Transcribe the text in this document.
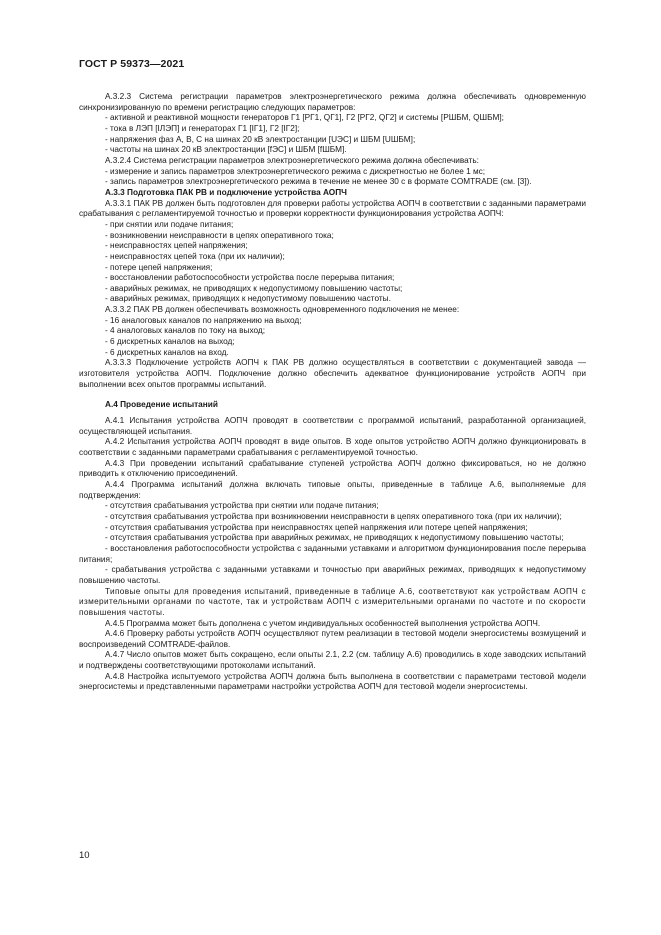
ГОСТ Р 59373—2021

А.3.2.3 Система регистрации параметров электроэнергетического режима должна обеспечивать одновременную синхронизированную по времени регистрацию следующих параметров:

- активной и реактивной мощности генераторов Г1 [PГ1, QГ1], Г2 [PГ2, QГ2] и системы [PШБМ, QШБМ];

- тока в ЛЭП [IЛЭП] и генераторах Г1 [IГ1], Г2 [IГ2];

- напряжения фаз А, В, С на шинах 20 кВ электростанции [UЭС] и ШБМ [UШБМ];

- частоты на шинах 20 кВ электростанции [fЭС] и ШБМ [fШБМ].

А.3.2.4 Система регистрации параметров электроэнергетического режима должна обеспечивать:

- измерение и запись параметров электроэнергетического режима с дискретностью не более 1 мс;

- запись параметров электроэнергетического режима в течение не менее 30 с в формате COMTRADE (см. [3]).

А.3.3 Подготовка ПАК РВ и подключение устройства АОПЧ

А.3.3.1 ПАК РВ должен быть подготовлен для проверки работы устройства АОПЧ в соответствии с заданными параметрами срабатывания с регламентируемой точностью и проверки корректности функционирования устройства АОПЧ:

- при снятии или подаче питания;

- возникновении неисправности в цепях оперативного тока;

- неисправностях цепей напряжения;

- неисправностях цепей тока (при их наличии);

- потере цепей напряжения;

- восстановлении работоспособности устройства после перерыва питания;

- аварийных режимах, не приводящих к недопустимому повышению частоты;

- аварийных режимах, приводящих к недопустимому повышению частоты.

А.3.3.2 ПАК РВ должен обеспечивать возможность одновременного подключения не менее:

- 16 аналоговых каналов по напряжению на выход;

- 4 аналоговых каналов по току на выход;

- 6 дискретных каналов на выход;

- 6 дискретных каналов на вход.

А.3.3.3 Подключение устройств АОПЧ к ПАК РВ должно осуществляться в соответствии с документацией завода — изготовителя устройства АОПЧ. Подключение должно обеспечить адекватное функционирование устройств АОПЧ при выполнении всех опытов программы испытаний.

А.4 Проведение испытаний

А.4.1 Испытания устройства АОПЧ проводят в соответствии с программой испытаний, разработанной организацией, осуществляющей испытания.

А.4.2 Испытания устройства АОПЧ проводят в виде опытов. В ходе опытов устройство АОПЧ должно функционировать в соответствии с заданными параметрами срабатывания с регламентируемой точностью.

А.4.3 При проведении испытаний срабатывание ступеней устройства АОПЧ должно фиксироваться, но не должно приводить к отключению присоединений.

А.4.4 Программа испытаний должна включать типовые опыты, приведенные в таблице А.6, выполняемые для подтверждения:

- отсутствия срабатывания устройства при снятии или подаче питания;

- отсутствия срабатывания устройства при возникновении неисправности в цепях оперативного тока (при их наличии);

- отсутствия срабатывания устройства при неисправностях цепей напряжения или потере цепей напряжения;

- отсутствия срабатывания устройства при аварийных режимах, не приводящих к недопустимому повышению частоты;

- восстановления работоспособности устройства с заданными уставками и алгоритмом функционирования после перерыва питания;

- срабатывания устройства с заданными уставками и точностью при аварийных режимах, приводящих к недопустимому повышению частоты.

Типовые опыты для проведения испытаний, приведенные в таблице А.6, соответствуют как устройствам АОПЧ с измерительными органами по частоте, так и устройствам АОПЧ с измерительными органами по частоте и по скорости повышения частоты.

А.4.5 Программа может быть дополнена с учетом индивидуальных особенностей выполнения устройства АОПЧ.

А.4.6 Проверку работы устройств АОПЧ осуществляют путем реализации в тестовой модели энергосистемы возмущений и воспроизведений COMTRADE-файлов.

А.4.7 Число опытов может быть сокращено, если опыты 2.1, 2.2 (см. таблицу А.6) проводились в ходе заводских испытаний и подтверждены соответствующими протоколами испытаний.

А.4.8 Настройка испытуемого устройства АОПЧ должна быть выполнена в соответствии с параметрами тестовой модели энергосистемы и представленными параметрами настройки устройства АОПЧ для тестовой модели энергосистемы.

10
